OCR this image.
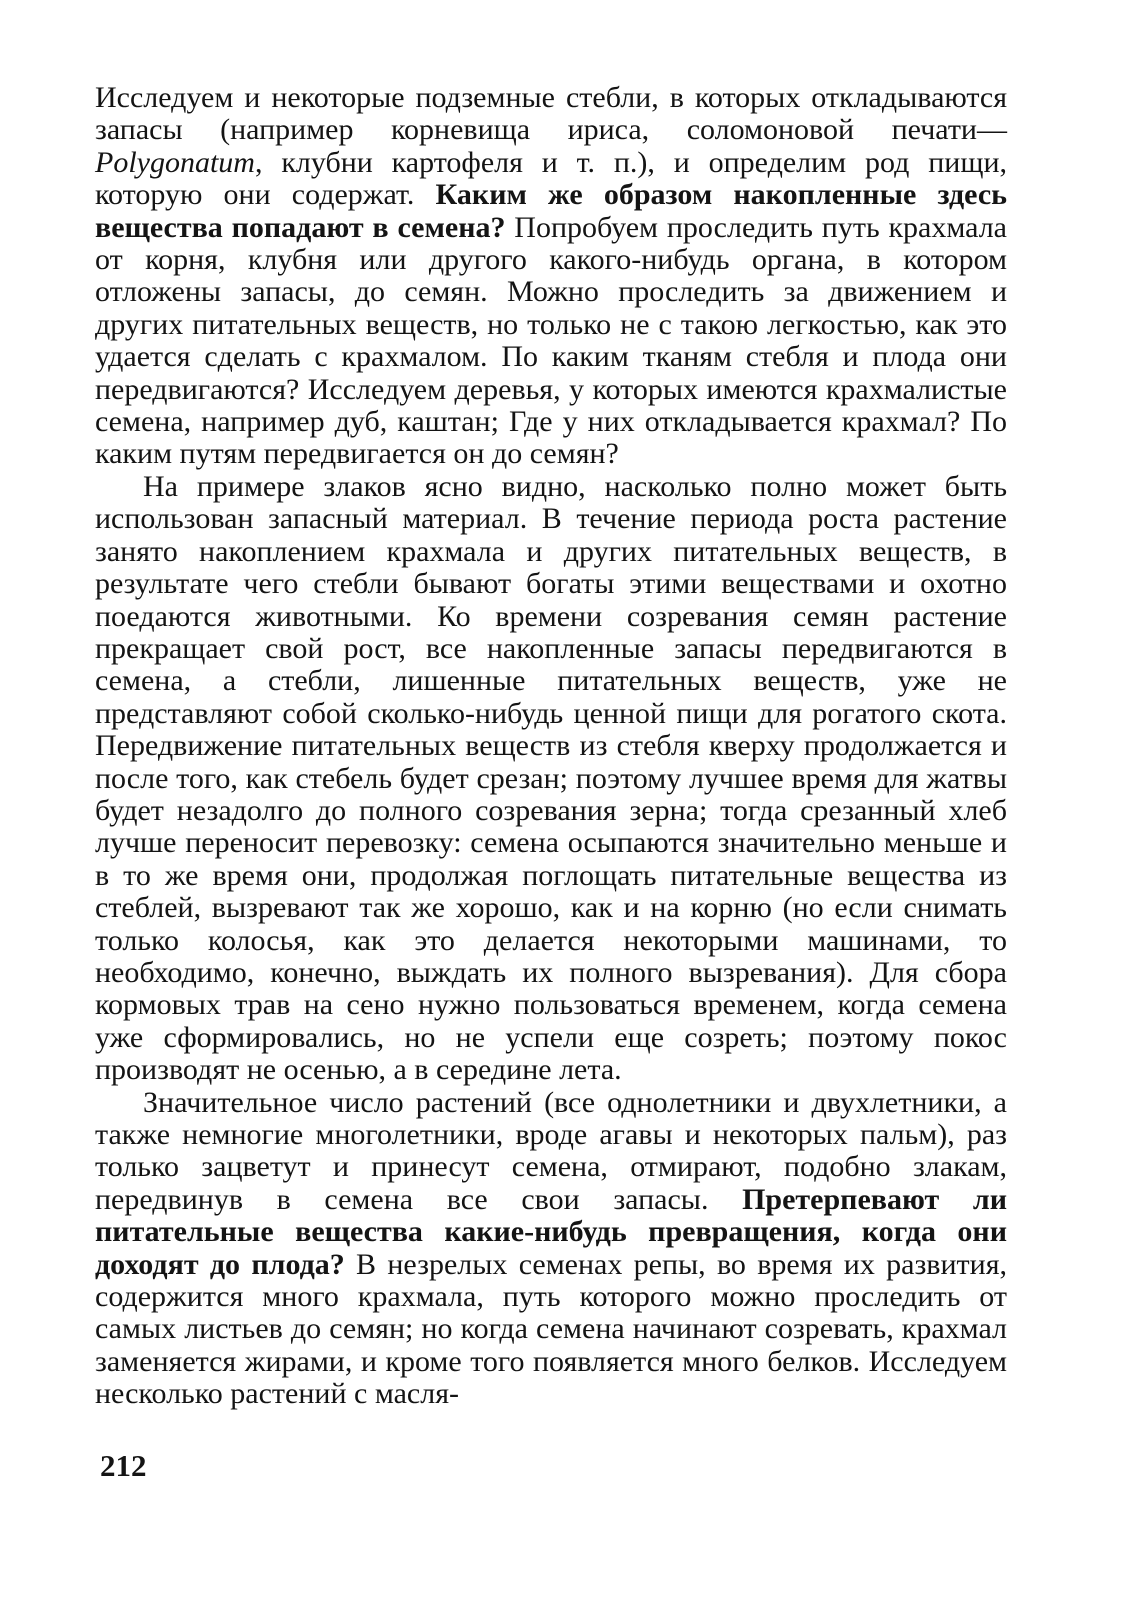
Исследуем и некоторые подземные стебли, в которых откладываются запасы (например корневища ириса, соломоновой печати— Polygonatum, клубни картофеля и т. п.), и определим род пищи, которую они содержат. Каким же образом накопленные здесь вещества попадают в семена? Попробуем проследить путь крахмала от корня, клубня или другого какого-нибудь органа, в котором отложены запасы, до семян. Можно проследить за движением и других питательных веществ, но только не с такою легкостью, как это удается сделать с крахмалом. По каким тканям стебля и плода они передвигаются? Исследуем деревья, у которых имеются крахмалистые семена, например дуб, каштан; Где у них откладывается крахмал? По каким путям передвигается он до семян?

На примере злаков ясно видно, насколько полно может быть использован запасный материал. В течение периода роста растение занято накоплением крахмала и других питательных веществ, в результате чего стебли бывают богаты этими веществами и охотно поедаются животными. Ко времени созревания семян растение прекращает свой рост, все накопленные запасы передвигаются в семена, а стебли, лишенные питательных веществ, уже не представляют собой сколько-нибудь ценной пищи для рогатого скота. Передвижение питательных веществ из стебля кверху продолжается и после того, как стебель будет срезан; поэтому лучшее время для жатвы будет незадолго до полного созревания зерна; тогда срезанный хлеб лучше переносит перевозку: семена осыпаются значительно меньше и в то же время они, продолжая поглощать питательные вещества из стеблей, вызревают так же хорошо, как и на корню (но если снимать только колосья, как это делается некоторыми машинами, то необходимо, конечно, выждать их полного вызревания). Для сбора кормовых трав на сено нужно пользоваться временем, когда семена уже сформировались, но не успели еще созреть; поэтому покос производят не осенью, а в середине лета.

Значительное число растений (все однолетники и двухлетники, а также немногие многолетники, вроде агавы и некоторых пальм), раз только зацветут и принесут семена, отмирают, подобно злакам, передвинув в семена все свои запасы. Претерпевают ли питательные вещества какие-нибудь превращения, когда они доходят до плода? В незрелых семенах репы, во время их развития, содержится много крахмала, путь которого можно проследить от самых листьев до семян; но когда семена начинают созревать, крахмал заменяется жирами, и кроме того появляется много белков. Исследуем несколько растений с масля-

212
